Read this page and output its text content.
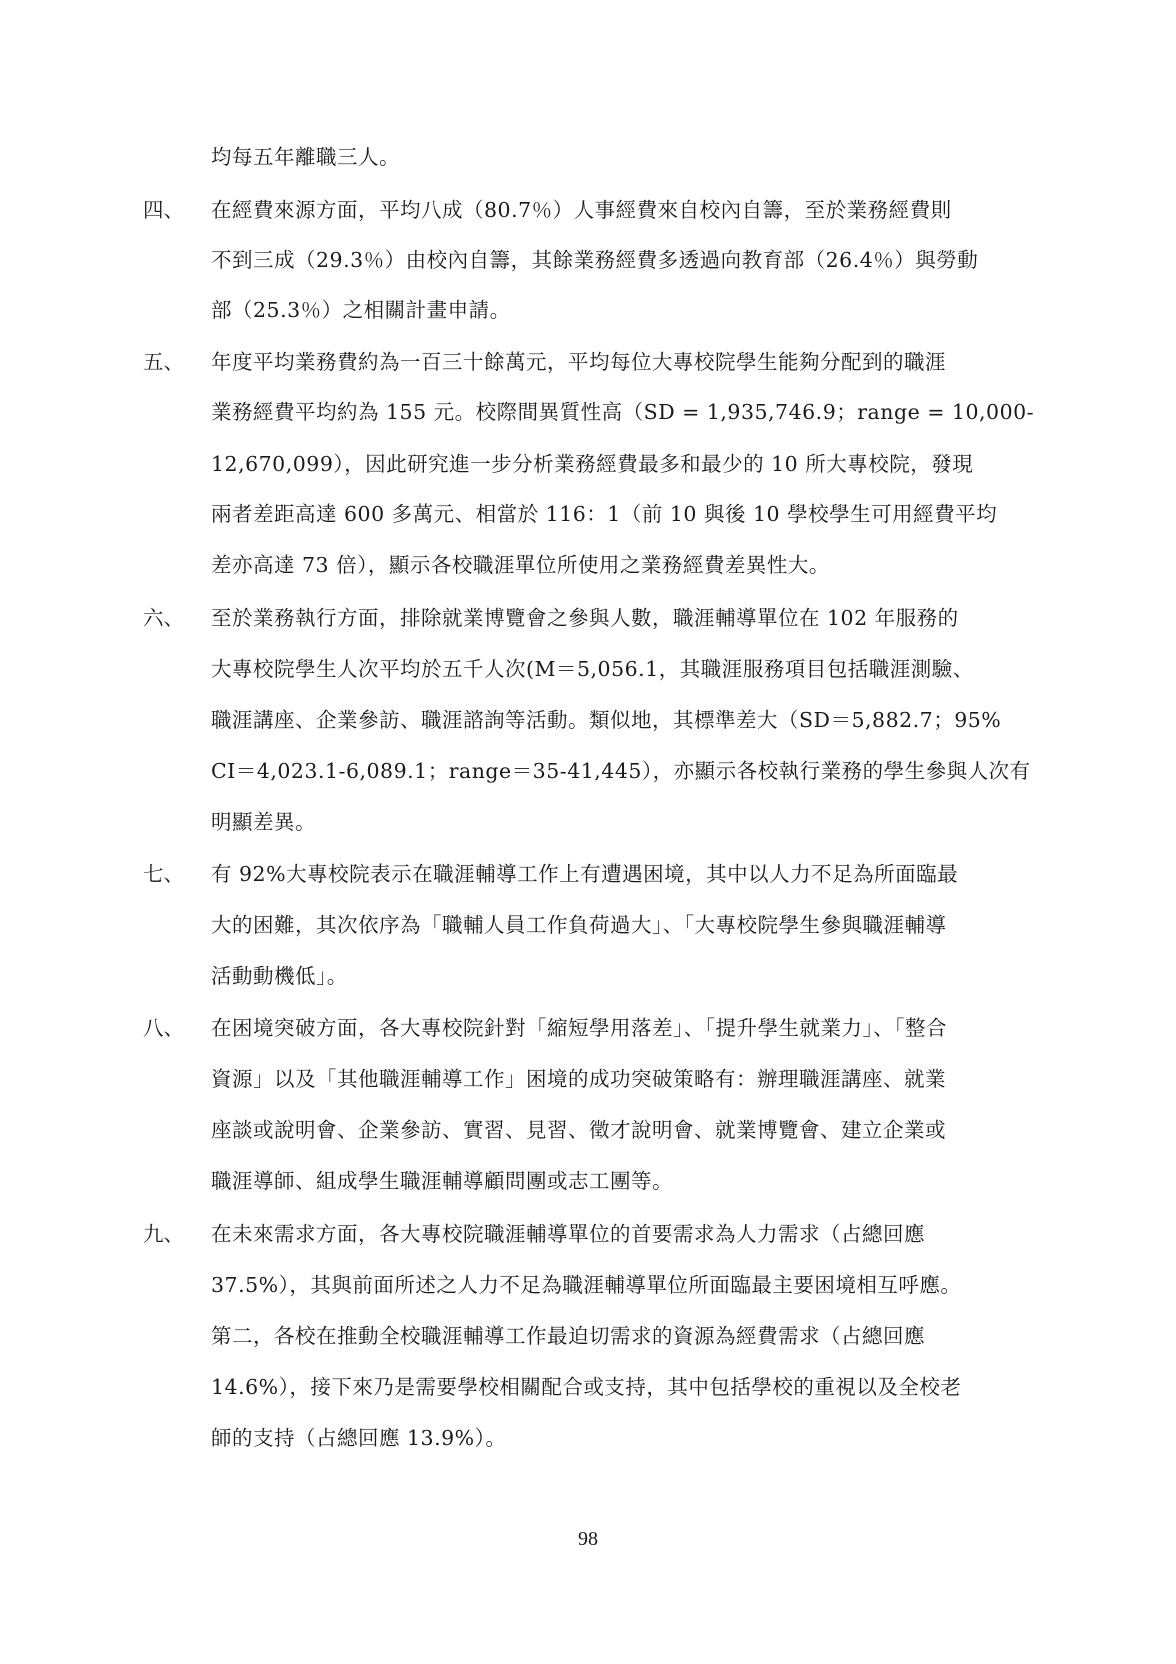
均每五年離職三人。
四、 在經費來源方面，平均八成（80.7％）人事經費來自校內自籌，至於業務經費則
不到三成（29.3％）由校內自籌，其餘業務經費多透過向教育部（26.4％）與勞動
部（25.3％）之相關計畫申請。
五、 年度平均業務費約為一百三十餘萬元，平均每位大專校院學生能夠分配到的職涯
業務經費平均約為 155 元。校際間異質性高（SD = 1,935,746.9；range = 10,000-
12,670,099），因此研究進一步分析業務經費最多和最少的 10 所大專校院，發現
兩者差距高達 600 多萬元、相當於 116：1（前 10 與後 10 學校學生可用經費平均
差亦高達 73 倍），顯示各校職涯單位所使用之業務經費差異性大。
六、 至於業務執行方面，排除就業博覽會之參與人數，職涯輔導單位在 102 年服務的
大專校院學生人次平均於五千人次(M＝5,056.1，其職涯服務項目包括職涯測驗、
職涯講座、企業參訪、職涯諮詢等活動。類似地，其標準差大（SD＝5,882.7；95%
CI＝4,023.1-6,089.1；range＝35-41,445），亦顯示各校執行業務的學生參與人次有
明顯差異。
七、 有 92%大專校院表示在職涯輔導工作上有遭遇困境，其中以人力不足為所面臨最
大的困難，其次依序為「職輔人員工作負荷過大」、「大專校院學生參與職涯輔導
活動動機低」。
八、 在困境突破方面，各大專校院針對「縮短學用落差」、「提升學生就業力」、「整合
資源」以及「其他職涯輔導工作」困境的成功突破策略有：辦理職涯講座、就業
座談或說明會、企業參訪、實習、見習、徵才說明會、就業博覽會、建立企業或
職涯導師、組成學生職涯輔導顧問團或志工團等。
九、 在未來需求方面，各大專校院職涯輔導單位的首要需求為人力需求（占總回應
37.5%），其與前面所述之人力不足為職涯輔導單位所面臨最主要困境相互呼應。
第二，各校在推動全校職涯輔導工作最迫切需求的資源為經費需求（占總回應
14.6%），接下來乃是需要學校相關配合或支持，其中包括學校的重視以及全校老
師的支持（占總回應 13.9%）。
98
